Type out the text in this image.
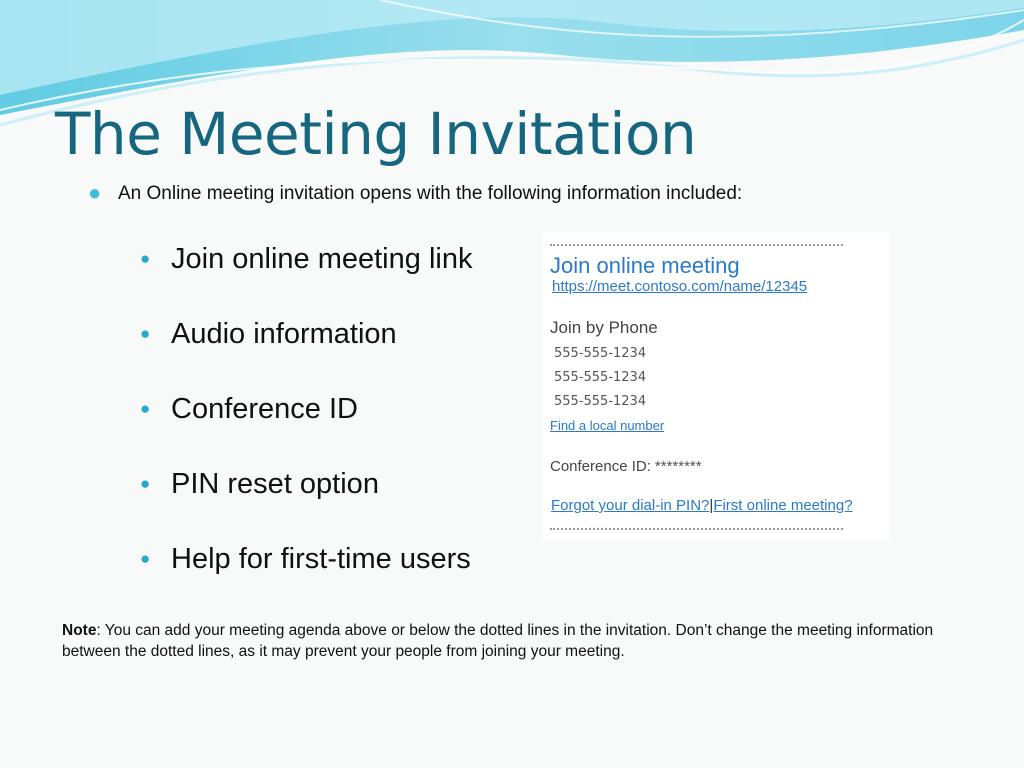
The Meeting Invitation
● An Online meeting invitation opens with the following information included:
● Join online meeting link
● Audio information
● Conference ID
● PIN reset option
● Help for first-time users
Join online meeting
https://meet.contoso.com/name/12345
Join by Phone
555-555-1234
555-555-1234
555-555-1234
Find a local number
Conference ID: ********
Forgot your dial-in PIN?|First online meeting?
Note: You can add your meeting agenda above or below the dotted lines in the invitation. Don’t change the meeting information between the dotted lines, as it may prevent your people from joining your meeting.
